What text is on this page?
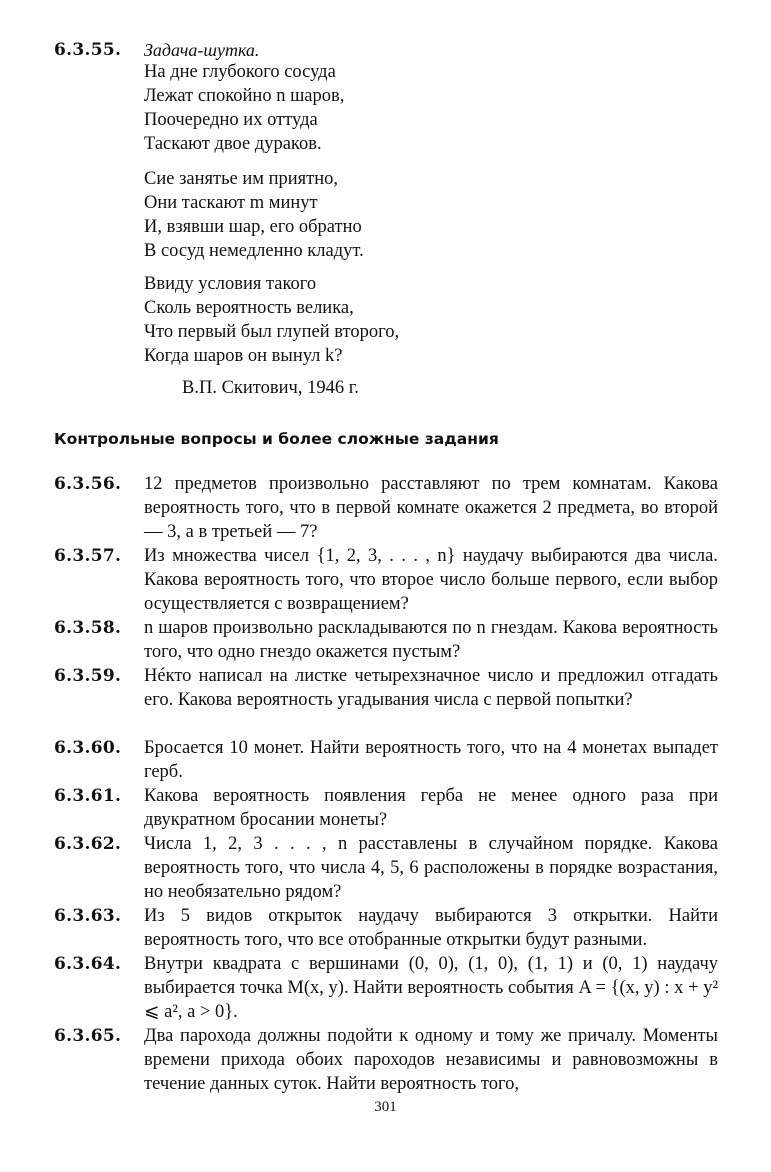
6.3.55. Задача-шутка.
На дне глубокого сосуда
Лежат спокойно n шаров,
Поочередно их оттуда
Таскают двое дураков.
Сие занятье им приятно,
Они таскают m минут
И, взявши шар, его обратно
В сосуд немедленно кладут.
Ввиду условия такого
Сколь вероятность велика,
Что первый был глупей второго,
Когда шаров он вынул k?
В.П. Скитович, 1946 г.
Контрольные вопросы и более сложные задания
6.3.56. 12 предметов произвольно расставляют по трем комнатам. Какова вероятность того, что в первой комнате окажется 2 предмета, во второй — 3, а в третьей — 7?
6.3.57. Из множества чисел {1, 2, 3, . . . , n} наудачу выбираются два числа. Какова вероятность того, что второе число больше первого, если выбор осуществляется с возвращением?
6.3.58. n шаров произвольно раскладываются по n гнездам. Какова вероятность того, что одно гнездо окажется пустым?
6.3.59. Нéкто написал на листке четырехзначное число и предложил отгадать его. Какова вероятность угадывания числа с первой попытки?
6.3.60. Бросается 10 монет. Найти вероятность того, что на 4 монетах выпадет герб.
6.3.61. Какова вероятность появления герба не менее одного раза при двукратном бросании монеты?
6.3.62. Числа 1, 2, 3 . . . , n расставлены в случайном порядке. Какова вероятность того, что числа 4, 5, 6 расположены в порядке возрастания, но необязательно рядом?
6.3.63. Из 5 видов открыток наудачу выбираются 3 открытки. Найти вероятность того, что все отобранные открытки будут разными.
6.3.64. Внутри квадрата с вершинами (0, 0), (1, 0), (1, 1) и (0, 1) наудачу выбирается точка M(x, y). Найти вероятность события A = {(x, y) : x + y² ⩽ a², a > 0}.
6.3.65. Два парохода должны подойти к одному и тому же причалу. Моменты времени прихода обоих пароходов независимы и равновозможны в течение данных суток. Найти вероятность того,
301
